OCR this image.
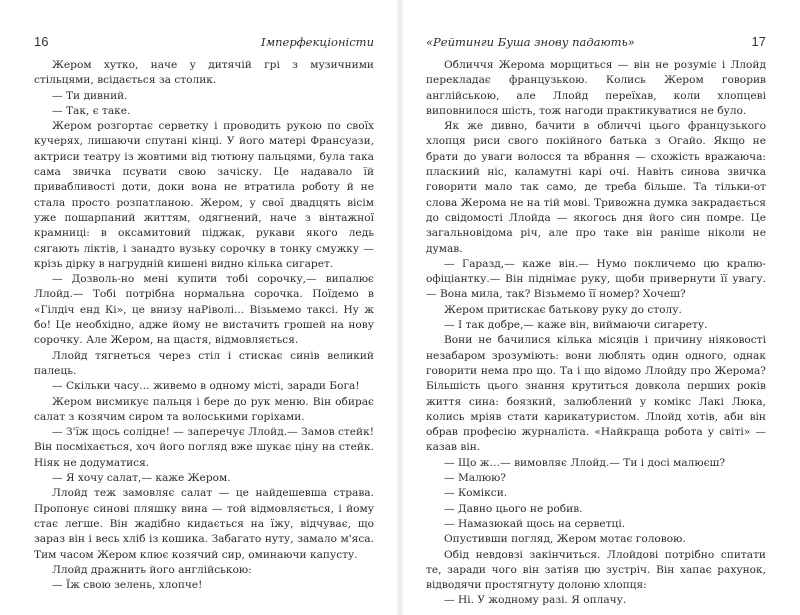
16	Імперфекціоністи

Жером хутко, наче у дитячій грі з музичними стільцями, всідається за столик.

— Ти дивний.

— Так, є таке.

Жером розгортає серветку і проводить рукою по своїх кучерях, лишаючи спутані кінці. У його матері Франсуази, актриси театру із жовтими від тютюну пальцями, була така сама звичка псувати свою зачіску. Це надавало їй привабливості доти, доки вона не втратила роботу й не стала просто розпатланою. Жером, у свої двадцять вісім уже пошарпаний життям, одягнений, наче з вінтажної крамниці: в оксамитовий піджак, рукави якого ледь сягають ліктів, і занадто вузьку сорочку в тонку смужку — крізь дірку в нагрудній кишені видно кілька сигарет.

— Дозволь-но мені купити тобі сорочку,— випалює Ллойд.— Тобі потрібна нормальна сорочка. Поїдемо в «Гілдіч енд Кі», це внизу наРіволі... Візьмемо таксі. Ну ж бо! Це необхідно, адже йому не вистачить грошей на нову сорочку. Але Жером, на щастя, відмовляється.

Ллойд тягнеться через стіл і стискає синів великий палець.

— Скільки часу… живемо в одному місті, заради Бога!

Жером висмикує пальця і бере до рук меню. Він обирає салат з козячим сиром та волоськими горіхами.

— З'їж щось солідне! — заперечує Ллойд.— Замов стейк! Він посміхається, хоч його погляд вже шукає ціну на стейк. Ніяк не додуматися.

— Я хочу салат,— каже Жером.

Ллойд теж замовляє салат — це найдешевша страва. Пропонує синові пляшку вина — той відмовляється, і йому стає легше. Він жадібно кидається на їжу, відчуває, що зараз він і весь хліб із кошика. Забагато нуту, замало м'яса. Тим часом Жером клює козячий сир, оминаючи капусту.

Ллойд дражнить його англійською:

— Їж свою зелень, хлопче!

«Рейтинги Буша знову падають»	17

Обличчя Жерома морщиться — він не розуміє і Ллойд перекладає французькою. Колись Жером говорив англійською, але Ллойд переїхав, коли хлопцеві виповнилося шість, тож нагоди практикуватися не було.

Як же дивно, бачити в обличчі цього французького хлопця риси свого покійного батька з Огайо. Якщо не брати до уваги волосся та вбрання — схожість вражаюча: пласкиий ніс, каламутні карі очі. Навіть синова звичка говорити мало так само, де треба більше. Та тільки-от слова Жерома не на тій мові. Тривожна думка закрадається до свідомості Ллойда — якогось дня його син помре. Це загальновідома річ, але про таке він раніше ніколи не думав.

— Гаразд,— каже він.— Нумо покличемо цю кралю-офіціантку.— Він піднімає руку, щоби привернути її увагу.— Вона мила, так? Візьмемо її номер? Хочеш?

Жером притискає батькову руку до столу.

— І так добре,— каже він, виймаючи сигарету.

Вони не бачилися кілька місяців і причину ніяковості незабаром зрозуміють: вони люблять один одного, однак говорити нема про що. Та і що відомо Ллойду про Жерома? Більшість цього знання крутиться довкола перших років життя сина: боязкий, залюблений у комікс Лакі Люка, колись мріяв стати карикатуристом. Ллойд хотів, аби він обрав професію журналіста. «Найкраща робота у світі» — казав він.

— Що ж…— вимовляє Ллойд.— Ти і досі малюєш?

— Малюю?

— Комікси.

— Давно цього не робив.

— Намазюкай щось на серветці.

Опустивши погляд, Жером мотає головою.

Обід невдовзі закінчиться. Ллойдові потрібно спитати те, заради чого він затіяв цю зустріч. Він хапає рахунок, відводячи простягнуту долоню хлопця:

— Ні. У жодному разі. Я оплачу.
